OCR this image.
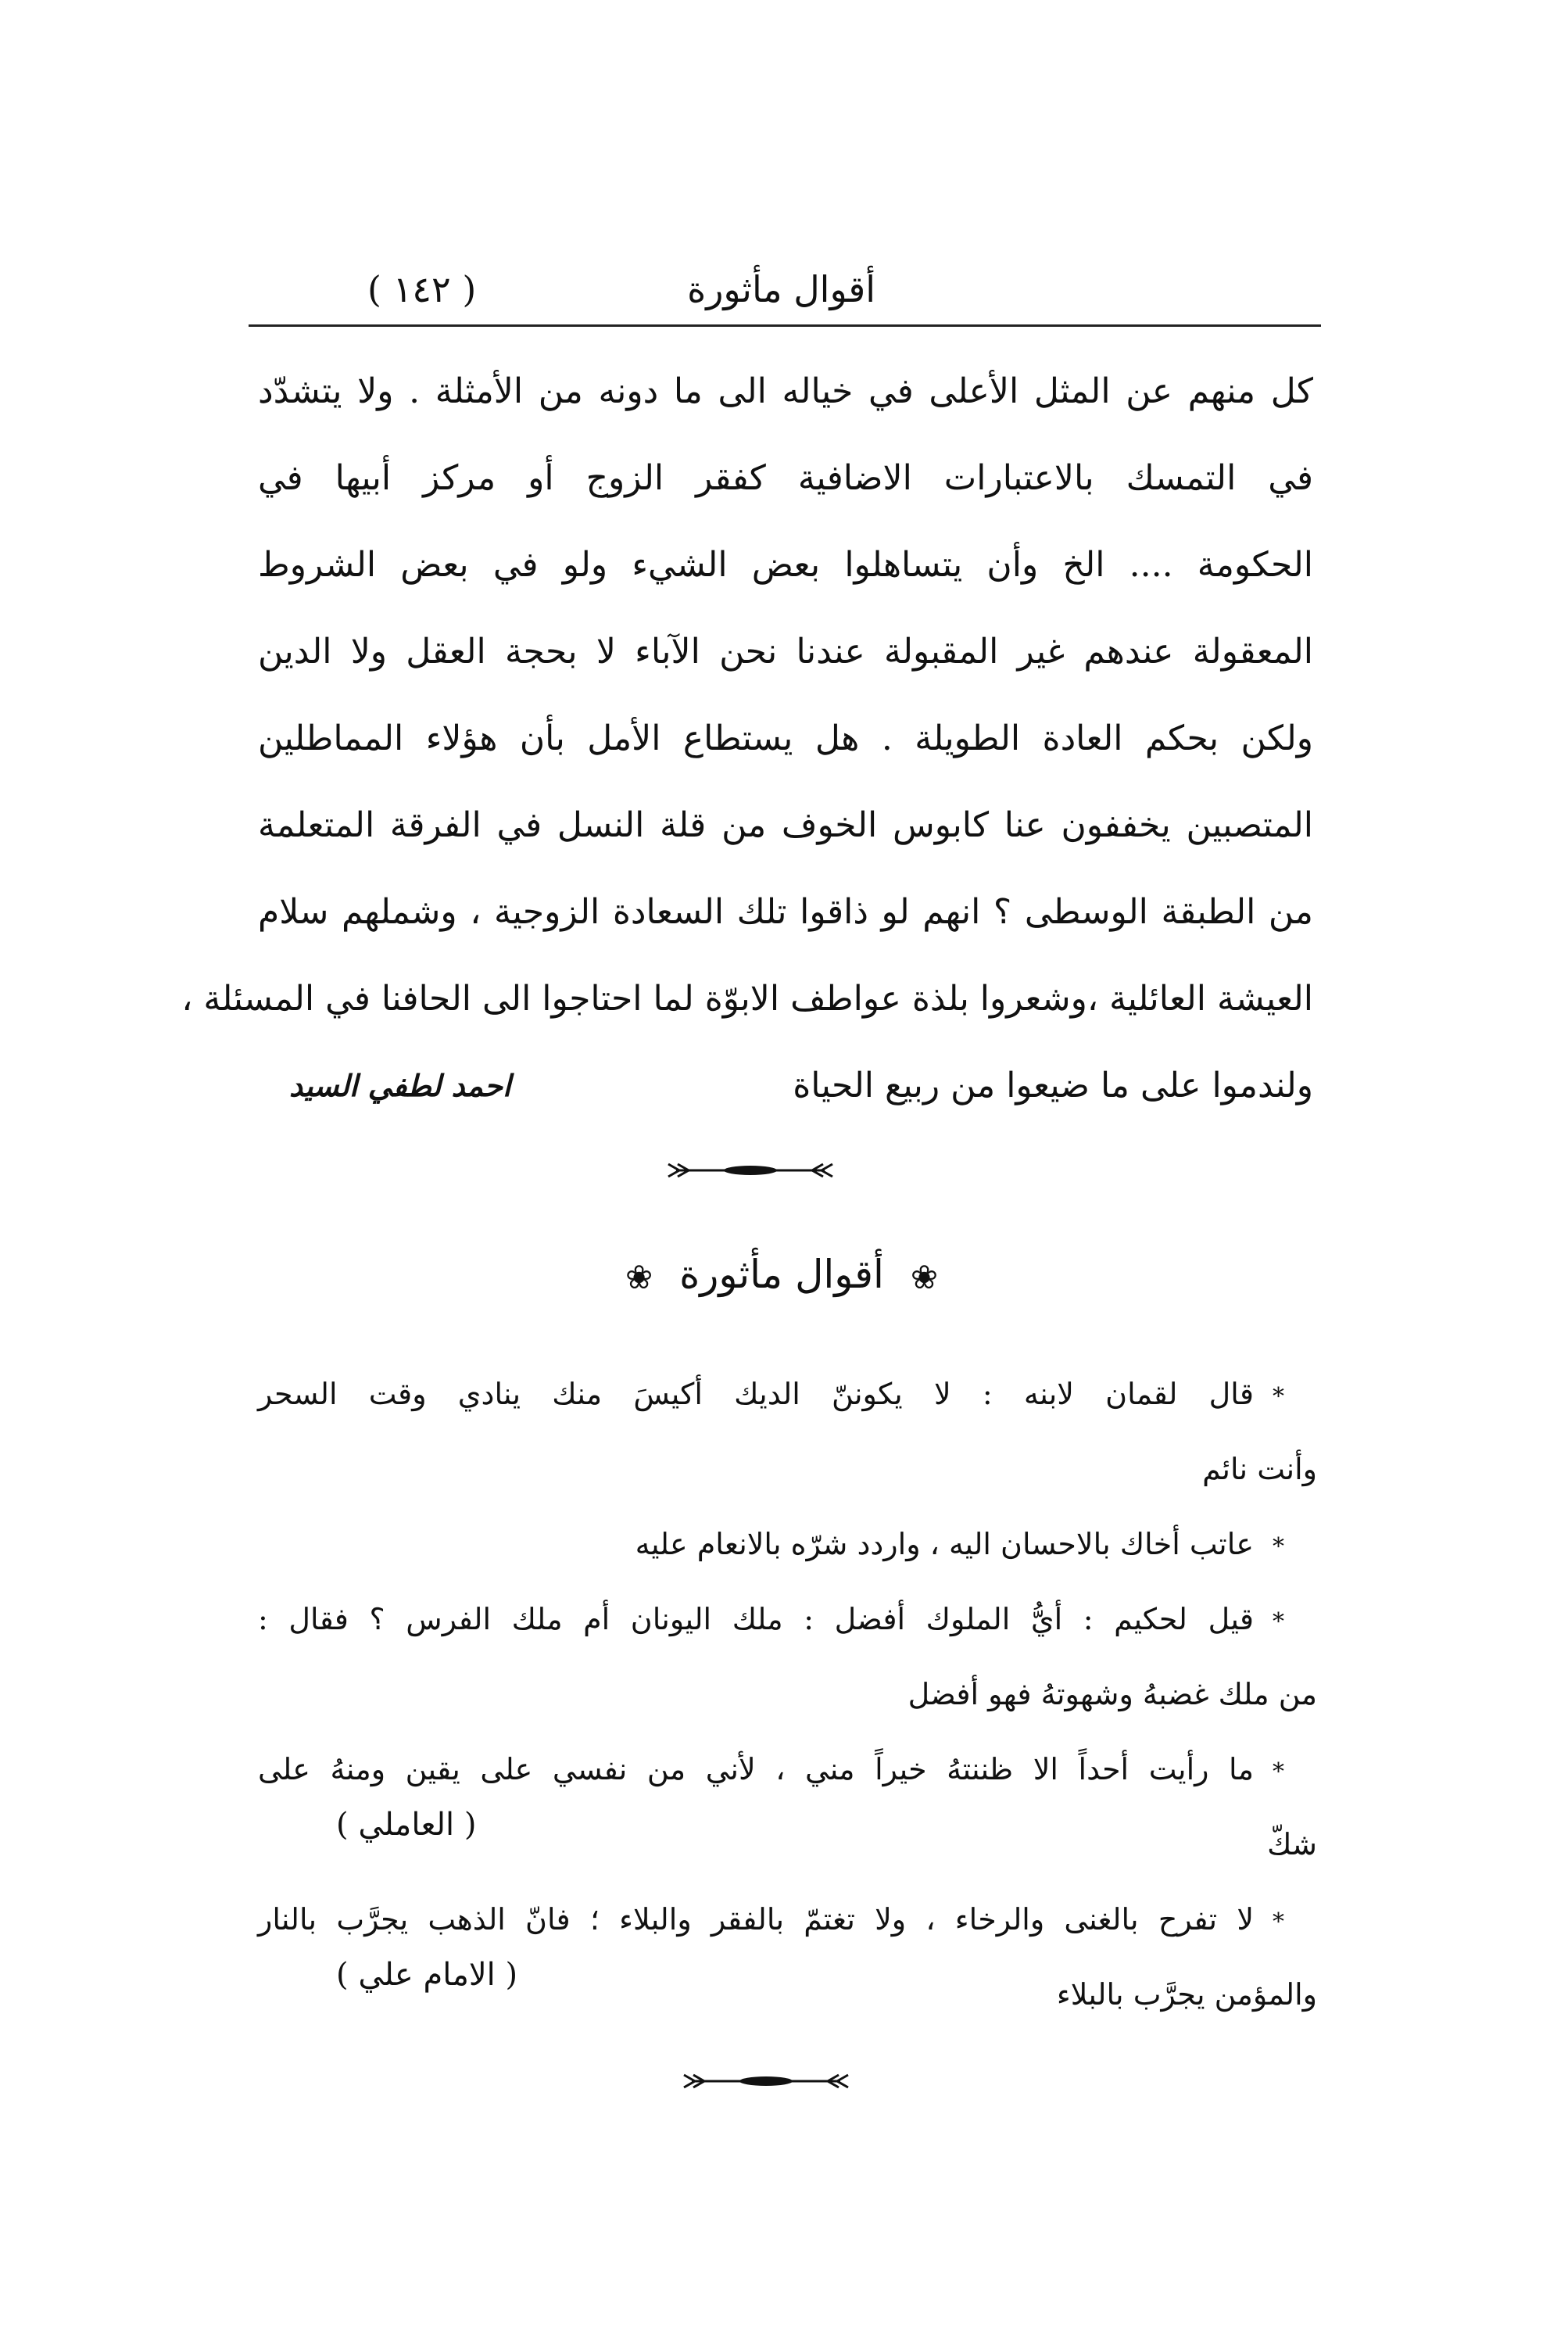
أقوال مأثورة
( ١٤٢ )
كل منهم عن المثل الأعلى في خياله الى ما دونه من الأمثلة . ولا يتشدّد
في التمسك بالاعتبارات الاضافية كفقر الزوج أو مركز أبيها في
الحكومة .... الخ وأن يتساهلوا بعض الشيء ولو في بعض الشروط
المعقولة عندهم غير المقبولة عندنا نحن الآباء لا بحجة العقل ولا الدين
ولكن بحكم العادة الطويلة . هل يستطاع الأمل بأن هؤلاء المماطلين
المتصبين يخففون عنا كابوس الخوف من قلة النسل في الفرقة المتعلمة
من الطبقة الوسطى ؟ انهم لو ذاقوا تلك السعادة الزوجية ، وشملهم سلام
العيشة العائلية ،وشعروا بلذة عواطف الابوّة لما احتاجوا الى الحافنا في المسئلة ،
ولندموا على ما ضيعوا من ربيع الحياة
احمد لطفي السيد
❀ أقوال مأثورة ❀
*قال لقمان لابنه : لا يكوننّ الديك أكيسَ منك ينادي وقت السحر
وأنت نائم
*عاتب أخاك بالاحسان اليه ، واردد شرّه بالانعام عليه
*قيل لحكيم : أيُّ الملوك أفضل : ملك اليونان أم ملك الفرس ؟ فقال :
من ملك غضبهُ وشهوتهُ فهو أفضل
*ما رأيت أحداً الا ظننتهُ خيراً مني ، لأني من نفسي على يقين ومنهُ على
شكّ
( العاملي )
*لا تفرح بالغنى والرخاء ، ولا تغتمّ بالفقر والبلاء ؛ فانّ الذهب يجرَّب بالنار
والمؤمن يجرَّب بالبلاء
( الامام علي )
